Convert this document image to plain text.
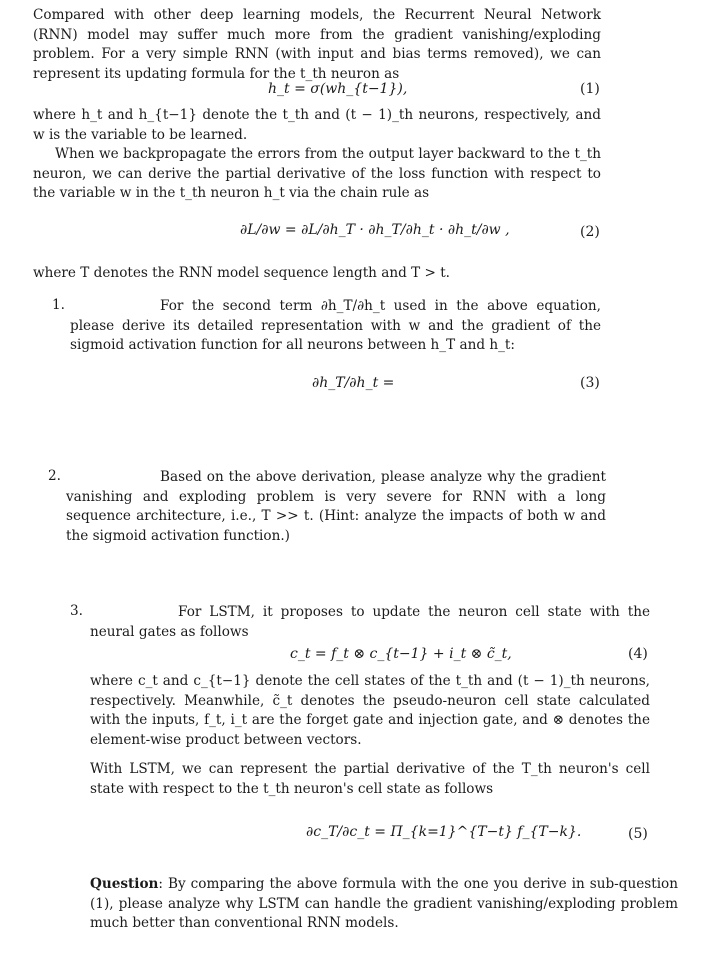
Compared with other deep learning models, the Recurrent Neural Network (RNN) model may suffer much more from the gradient vanishing/exploding problem. For a very simple RNN (with input and bias terms removed), we can represent its updating formula for the t_th neuron as

h_t = σ(wh_{t−1}),	(1)

where h_t and h_{t−1} denote the t_th and (t − 1)_th neurons, respectively, and w is the variable to be learned.

When we backpropagate the errors from the output layer backward to the t_th neuron, we can derive the partial derivative of the loss function with respect to the variable w in the t_th neuron h_t via the chain rule as

∂L/∂w = ∂L/∂h_T · ∂h_T/∂h_t · ∂h_t/∂w ,	(2)

where T denotes the RNN model sequence length and T > t.

1.	For the second term ∂h_T/∂h_t used in the above equation, please derive its detailed representation with w and the gradient of the sigmoid activation function for all neurons between h_T and h_t:

∂h_T/∂h_t =	(3)
2.	Based on the above derivation, please analyze why the gradient vanishing and exploding problem is very severe for RNN with a long sequence architecture, i.e., T >> t. (Hint: analyze the impacts of both w and the sigmoid activation function.)

3.	For LSTM, it proposes to update the neuron cell state with the neural gates as follows

c_t = f_t ⊗ c_{t−1} + i_t ⊗ c̃_t,	(4)

where c_t and c_{t−1} denote the cell states of the t_th and (t − 1)_th neurons, respectively. Meanwhile, c̃_t denotes the pseudo-neuron cell state calculated with the inputs, f_t, i_t are the forget gate and injection gate, and ⊗ denotes the element-wise product between vectors.

With LSTM, we can represent the partial derivative of the T_th neuron's cell state with respect to the t_th neuron's cell state as follows

∂c_T/∂c_t = Π_{k=1}^{T−t} f_{T−k}.	(5)

Question: By comparing the above formula with the one you derive in sub-question (1), please analyze why LSTM can handle the gradient vanishing/exploding problem much better than conventional RNN models.
